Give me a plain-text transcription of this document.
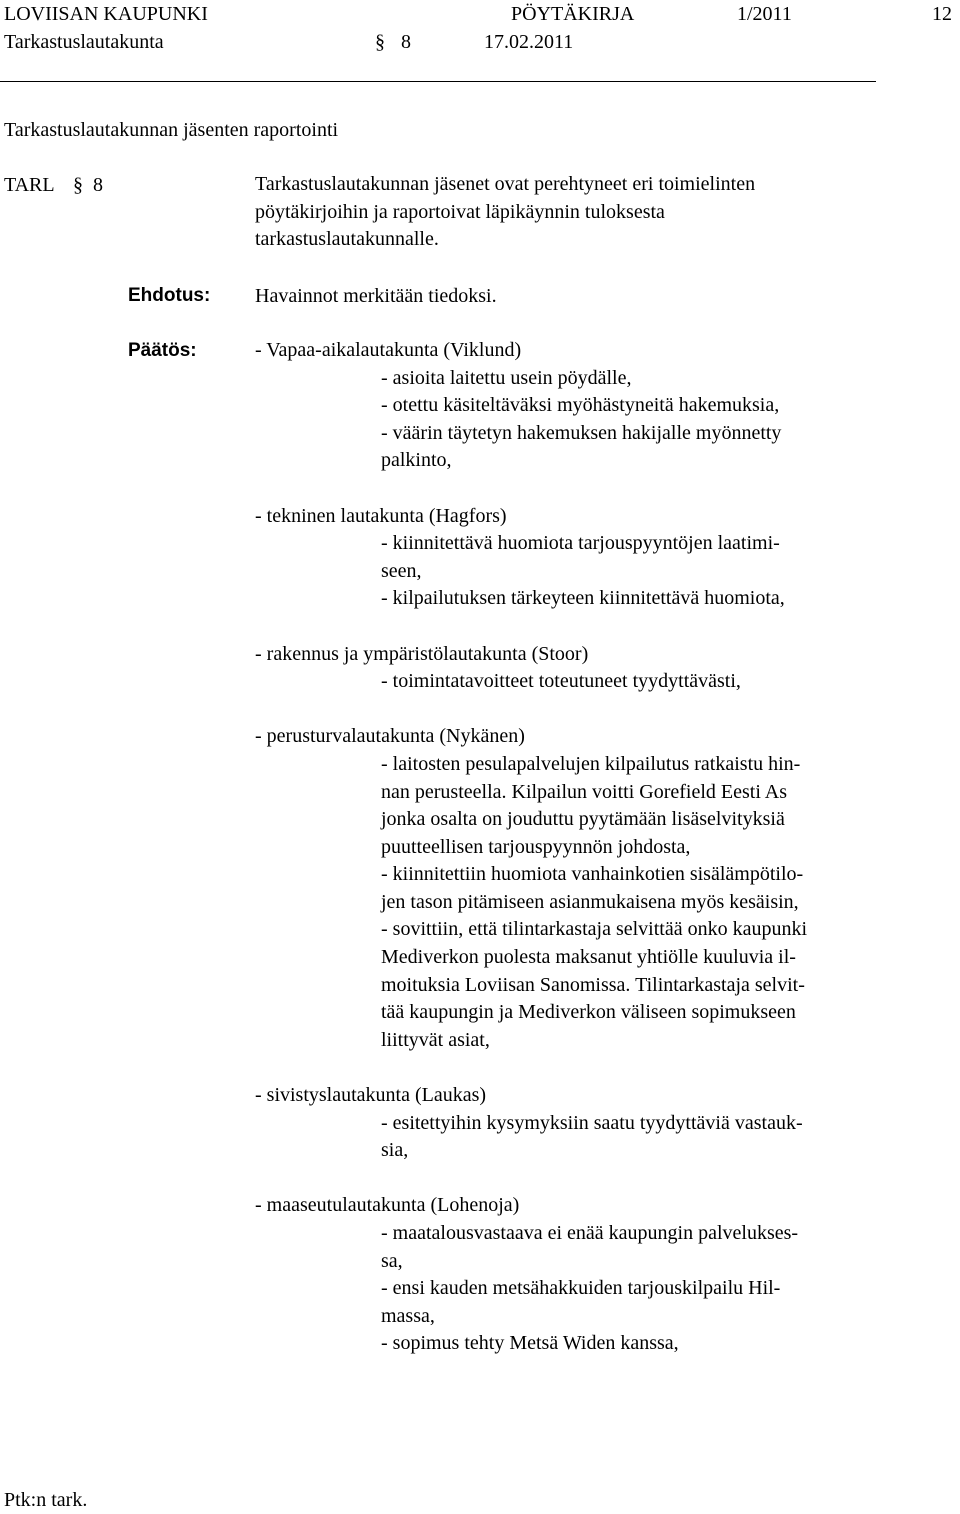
LOVIISAN KAUPUNKI	PÖYTÄKIRJA	1/2011	12
Tarkastuslautakunta	§ 8	17.02.2011
Tarkastuslautakunnan jäsenten raportointi
TARL § 8	Tarkastuslautakunnan jäsenet ovat perehtyneet eri toimielinten
pöytäkirjoihin ja raportoivat läpikäynnin tuloksesta
tarkastuslautakunnalle.
Ehdotus: Havainnot merkitään tiedoksi.
Päätös:	- Vapaa-aikalautakunta (Viklund)
- asioita laitettu usein pöydälle,
- otettu käsiteltäväksi myöhästyneitä hakemuksia,
- väärin täytetyn hakemuksen hakijalle myönnetty
palkinto,
- tekninen lautakunta (Hagfors)
- kiinnitettävä huomiota tarjouspyyntöjen laatimi-
seen,
- kilpailutuksen tärkeyteen kiinnitettävä huomiota,
- rakennus ja ympäristölautakunta (Stoor)
- toimintatavoitteet toteutuneet tyydyttävästi,
- perusturvalautakunta (Nykänen)
- laitosten pesulapalvelujen kilpailutus ratkaistu hin-
nan perusteella. Kilpailun voitti Gorefield Eesti As
jonka osalta on jouduttu pyytämään lisäselvityksiä
puutteellisen tarjouspyynnön johdosta,
- kiinnitettiin huomiota vanhainkotien sisälämpötilo-
jen tason pitämiseen asianmukaisena myös kesäisin,
- sovittiin, että tilintarkastaja selvittää onko kaupunki
Mediverkon puolesta maksanut yhtiölle kuuluvia il-
moituksia Loviisan Sanomissa. Tilintarkastaja selvit-
tää kaupungin ja Mediverkon väliseen sopimukseen
liittyvät asiat,
- sivistyslautakunta (Laukas)
- esitettyihin kysymyksiin saatu tyydyttäviä vastauk-
sia,
- maaseutulautakunta (Lohenoja)
- maatalousvastaava ei enää kaupungin palvelukses-
sa,
- ensi kauden metsähakkuiden tarjouskilpailu Hil-
massa,
- sopimus tehty Metsä Widen kanssa,
Ptk:n tark.
